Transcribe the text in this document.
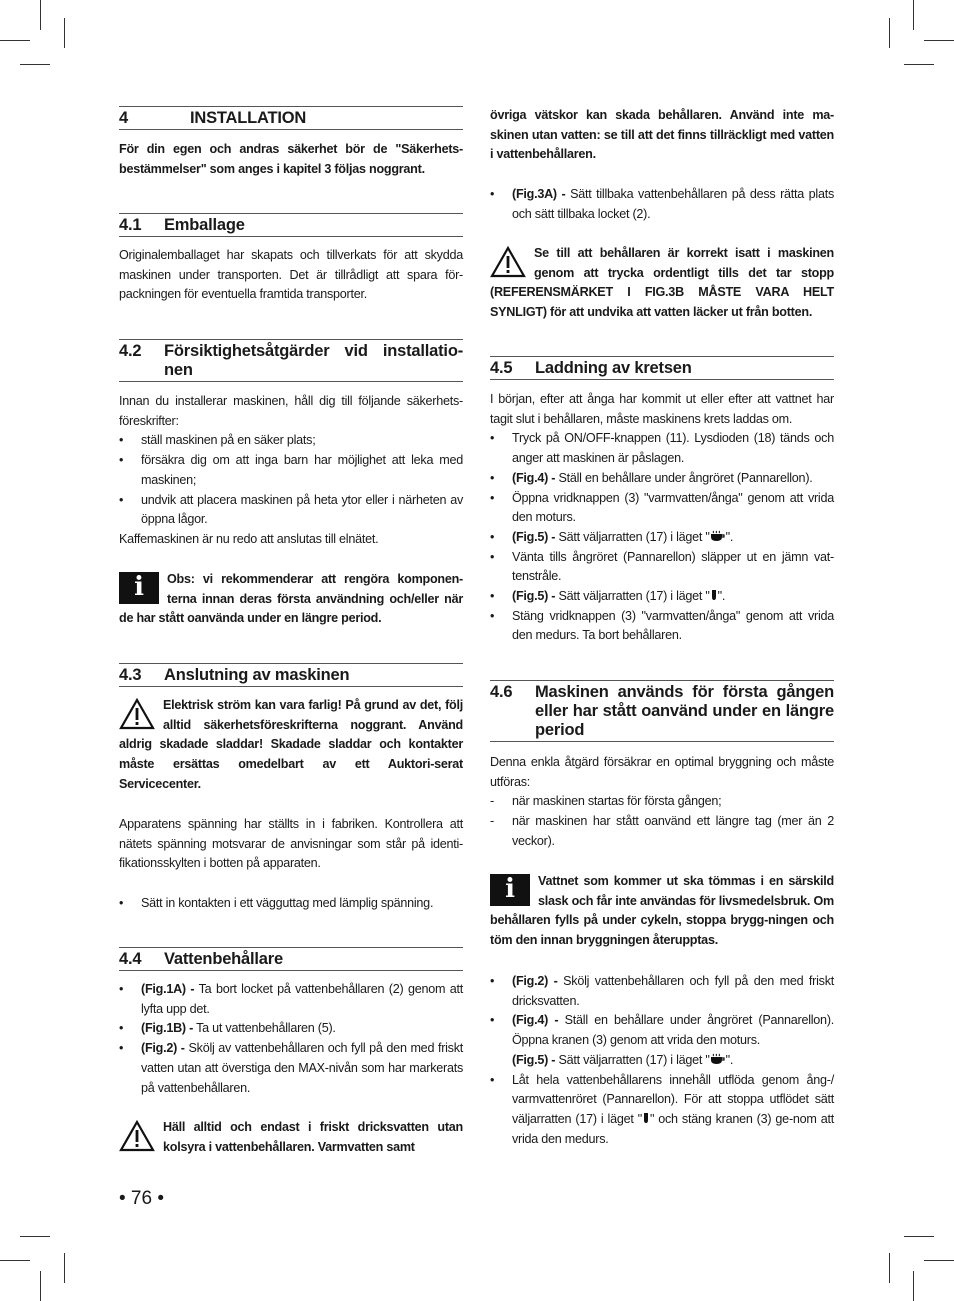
4	INSTALLATION
För din egen och andras säkerhet bör de "Säkerhets-bestämmelser" som anges i kapitel 3 följas noggrant.
4.1 Emballage
Originalemballaget har skapats och tillverkats för att skydda maskinen under transporten. Det är tillrådligt att spara för-packningen för eventuella framtida transporter.
4.2 Försiktighetsåtgärder vid installatio-nen
Innan du installerar maskinen, håll dig till följande säkerhets-föreskrifter:
• ställ maskinen på en säker plats;
• försäkra dig om att inga barn har möjlighet att leka med maskinen;
• undvik att placera maskinen på heta ytor eller i närheten av öppna lågor.
Kaffemaskinen är nu redo att anslutas till elnätet.
i	Obs: vi rekommenderar att rengöra komponen-terna innan deras första användning och/eller när de har stått oanvända under en längre period.
4.3 Anslutning av maskinen
Elektrisk ström kan vara farlig! På grund av det, följ alltid säkerhetsföreskrifterna noggrant. Använd aldrig skadade sladdar! Skadade sladdar och kontakter måste ersättas omedelbart av ett Auktori-serat Servicecenter.
Apparatens spänning har ställts in i fabriken. Kontrollera att nätets spänning motsvarar de anvisningar som står på identi-fikationsskylten i botten på apparaten.
• Sätt in kontakten i ett vägguttag med lämplig spänning.
4.4 Vattenbehållare
• (Fig.1A) - Ta bort locket på vattenbehållaren (2) genom att lyfta upp det.
• (Fig.1B) - Ta ut vattenbehållaren (5).
• (Fig.2) - Skölj av vattenbehållaren och fyll på den med friskt vatten utan att överstiga den MAX-nivån som har markerats på vattenbehållaren.
Häll alltid och endast i friskt dricksvatten utan kolsyra i vattenbehållaren. Varmvatten samt
övriga vätskor kan skada behållaren. Använd inte ma-skinen utan vatten: se till att det finns tillräckligt med vatten i vattenbehållaren.
• (Fig.3A) - Sätt tillbaka vattenbehållaren på dess rätta plats och sätt tillbaka locket (2).
Se till att behållaren är korrekt isatt i maskinen genom att trycka ordentligt tills det tar stopp (REFERENSMÄRKET I FIG.3B MÅSTE VARA HELT SYNLIGT) för att undvika att vatten läcker ut från botten.
4.5 Laddning av kretsen
I början, efter att ånga har kommit ut eller efter att vattnet har tagit slut i behållaren, måste maskinens krets laddas om.
• Tryck på ON/OFF-knappen (11). Lysdioden (18) tänds och anger att maskinen är påslagen.
• (Fig.4) - Ställ en behållare under ångröret (Pannarellon).
• Öppna vridknappen (3) "varmvatten/ånga" genom att vrida den moturs.
• (Fig.5) - Sätt väljarratten (17) i läget " ".
• Vänta tills ångröret (Pannarellon) släpper ut en jämn vat-tenstråle.
• (Fig.5) - Sätt väljarratten (17) i läget " ".
• Stäng vridknappen (3) "varmvatten/ånga" genom att vrida den medurs. Ta bort behållaren.
4.6 Maskinen används för första gången eller har stått oanvänd under en längre period
Denna enkla åtgärd försäkrar en optimal bryggning och måste utföras:
- när maskinen startas för första gången;
- när maskinen har stått oanvänd ett längre tag (mer än 2 veckor).
i	Vattnet som kommer ut ska tömmas i en särskild slask och får inte användas för livsmedelsbruk. Om behållaren fylls på under cykeln, stoppa brygg-ningen och töm den innan bryggningen återupptas.
• (Fig.2) - Skölj vattenbehållaren och fyll på den med friskt dricksvatten.
• (Fig.4) - Ställ en behållare under ångröret (Pannarellon). Öppna kranen (3) genom att vrida den moturs.
(Fig.5) - Sätt väljarratten (17) i läget " ".
• Låt hela vattenbehållarens innehåll utflöda genom ång-/ varmvattenröret (Pannarellon). För att stoppa utflödet sätt väljarratten (17) i läget " " och stäng kranen (3) ge-nom att vrida den medurs.
• 76 •
